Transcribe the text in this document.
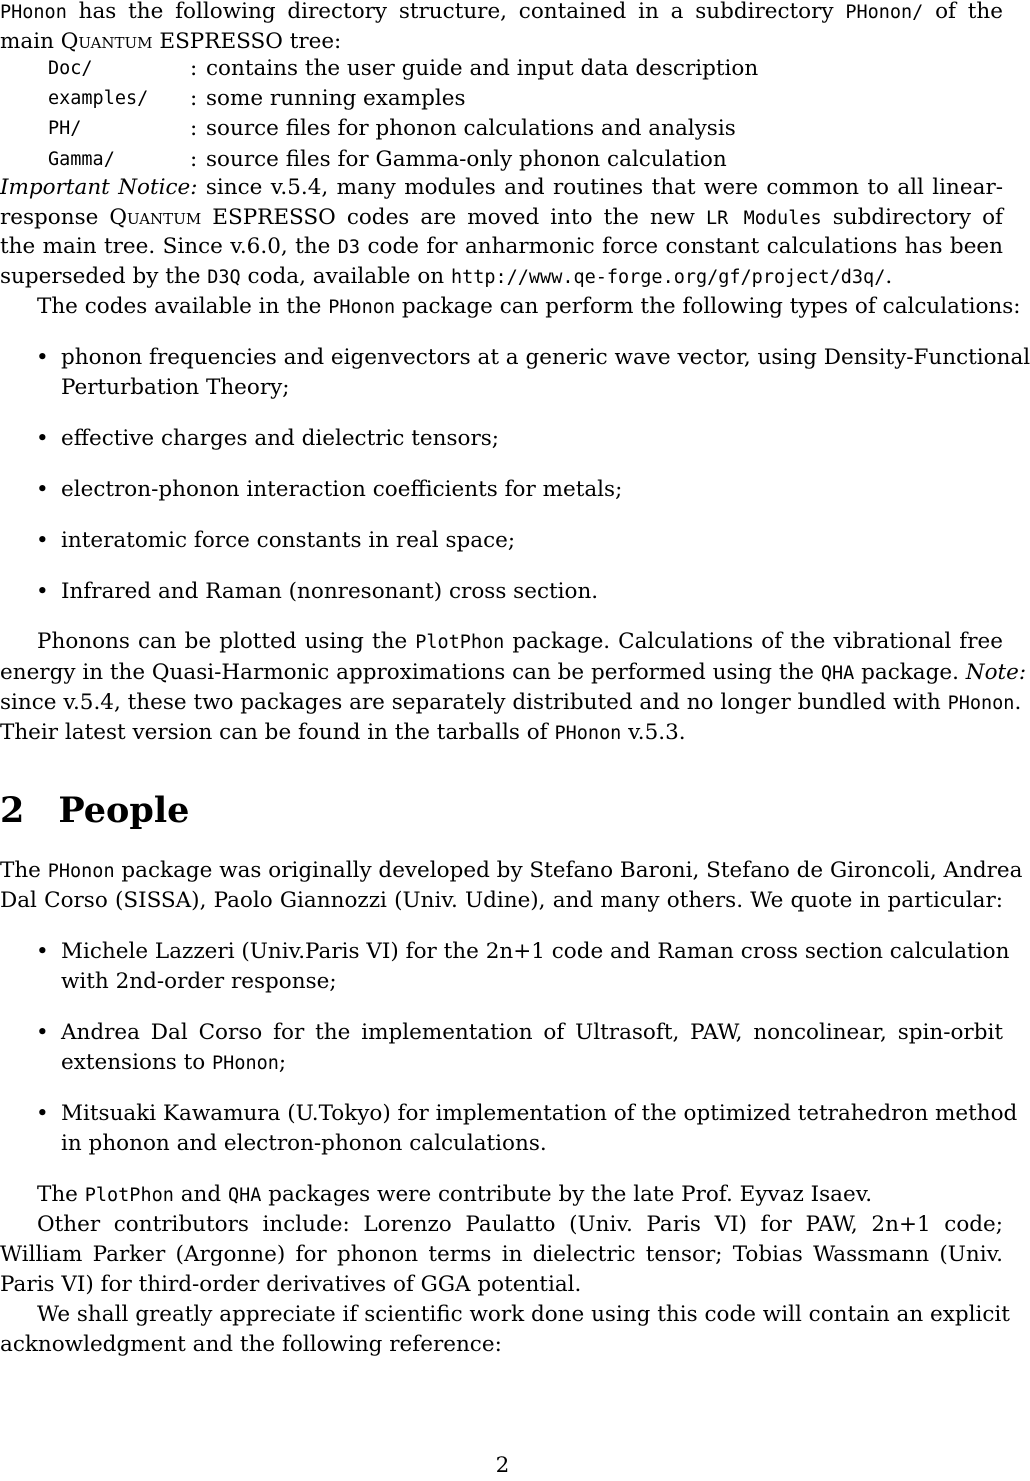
PHonon has the following directory structure, contained in a subdirectory PHonon/ of the
main Quantum ESPRESSO tree:
Doc/	: contains the user guide and input data description
examples/ : some running examples
PH/	: source files for phonon calculations and analysis
Gamma/	: source files for Gamma-only phonon calculation
Important Notice: since v.5.4, many modules and routines that were common to all linear-
response Quantum ESPRESSO codes are moved into the new LR Modules subdirectory of
the main tree. Since v.6.0, the D3 code for anharmonic force constant calculations has been
superseded by the D3Q coda, available on http://www.qe-forge.org/gf/project/d3q/.
The codes available in the PHonon package can perform the following types of calculations:
• phonon frequencies and eigenvectors at a generic wave vector, using Density-Functional
Perturbation Theory;
• effective charges and dielectric tensors;
• electron-phonon interaction coefficients for metals;
• interatomic force constants in real space;
• Infrared and Raman (nonresonant) cross section.
Phonons can be plotted using the PlotPhon package. Calculations of the vibrational free
energy in the Quasi-Harmonic approximations can be performed using the QHA package. Note:
since v.5.4, these two packages are separately distributed and no longer bundled with PHonon.
Their latest version can be found in the tarballs of PHonon v.5.3.
2 People
The PHonon package was originally developed by Stefano Baroni, Stefano de Gironcoli, Andrea
Dal Corso (SISSA), Paolo Giannozzi (Univ. Udine), and many others. We quote in particular:
• Michele Lazzeri (Univ.Paris VI) for the 2n+1 code and Raman cross section calculation
with 2nd-order response;
• Andrea Dal Corso for the implementation of Ultrasoft, PAW, noncolinear, spin-orbit
extensions to PHonon;
• Mitsuaki Kawamura (U.Tokyo) for implementation of the optimized tetrahedron method
in phonon and electron-phonon calculations.
The PlotPhon and QHA packages were contribute by the late Prof. Eyvaz Isaev.
Other contributors include: Lorenzo Paulatto (Univ. Paris VI) for PAW, 2n+1 code;
William Parker (Argonne) for phonon terms in dielectric tensor; Tobias Wassmann (Univ.
Paris VI) for third-order derivatives of GGA potential.
We shall greatly appreciate if scientific work done using this code will contain an explicit
acknowledgment and the following reference:
2
